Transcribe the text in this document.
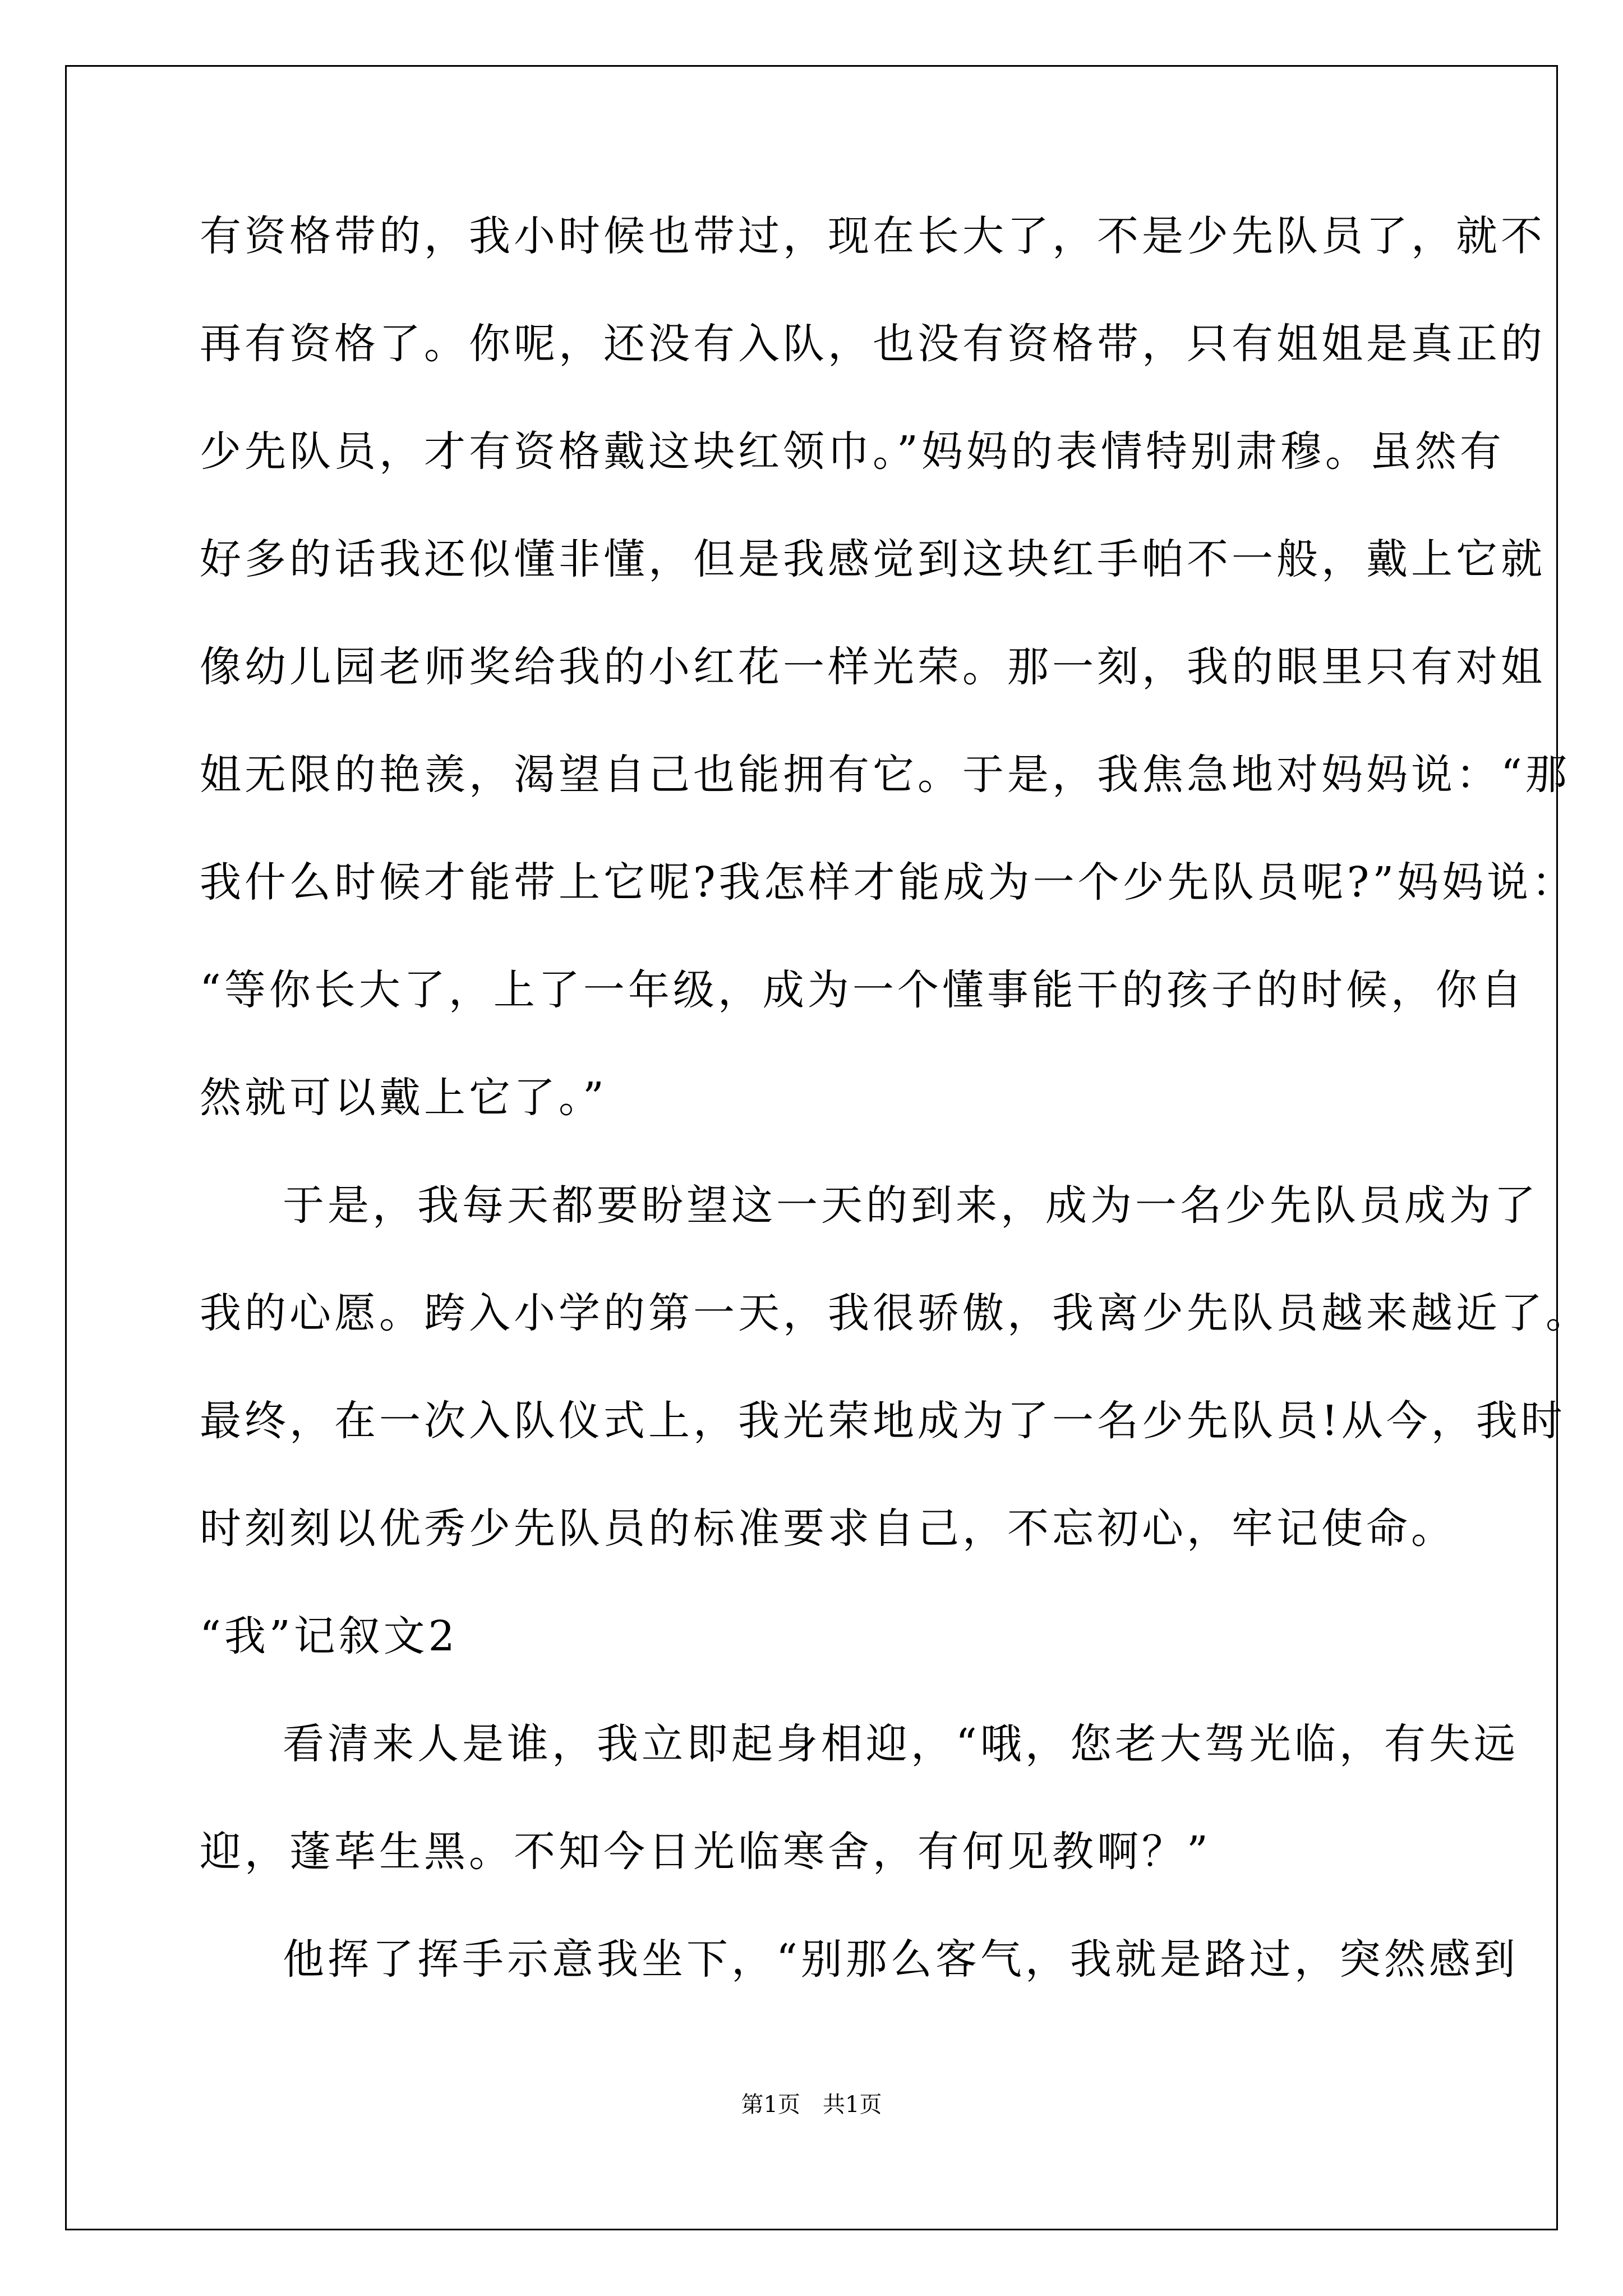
有资格带的，我小时候也带过，现在长大了，不是少先队员了，就不
再有资格了。你呢，还没有入队，也没有资格带，只有姐姐是真正的
少先队员，才有资格戴这块红领巾。”妈妈的表情特别肃穆。虽然有
好多的话我还似懂非懂，但是我感觉到这块红手帕不一般，戴上它就
像幼儿园老师奖给我的小红花一样光荣。那一刻，我的眼里只有对姐
姐无限的艳羡，渴望自己也能拥有它。于是，我焦急地对妈妈说：“那
我什么时候才能带上它呢?我怎样才能成为一个少先队员呢?”妈妈说：
“等你长大了，上了一年级，成为一个懂事能干的孩子的时候，你自
然就可以戴上它了。”
于是，我每天都要盼望这一天的到来，成为一名少先队员成为了
我的心愿。跨入小学的第一天，我很骄傲，我离少先队员越来越近了。
最终，在一次入队仪式上，我光荣地成为了一名少先队员!从今，我时
时刻刻以优秀少先队员的标准要求自己，不忘初心，牢记使命。
“我”记叙文2
看清来人是谁，我立即起身相迎，“哦，您老大驾光临，有失远
迎，蓬荜生黑。不知今日光临寒舍，有何见教啊？”
他挥了挥手示意我坐下，“别那么客气，我就是路过，突然感到
第1页 共1页
